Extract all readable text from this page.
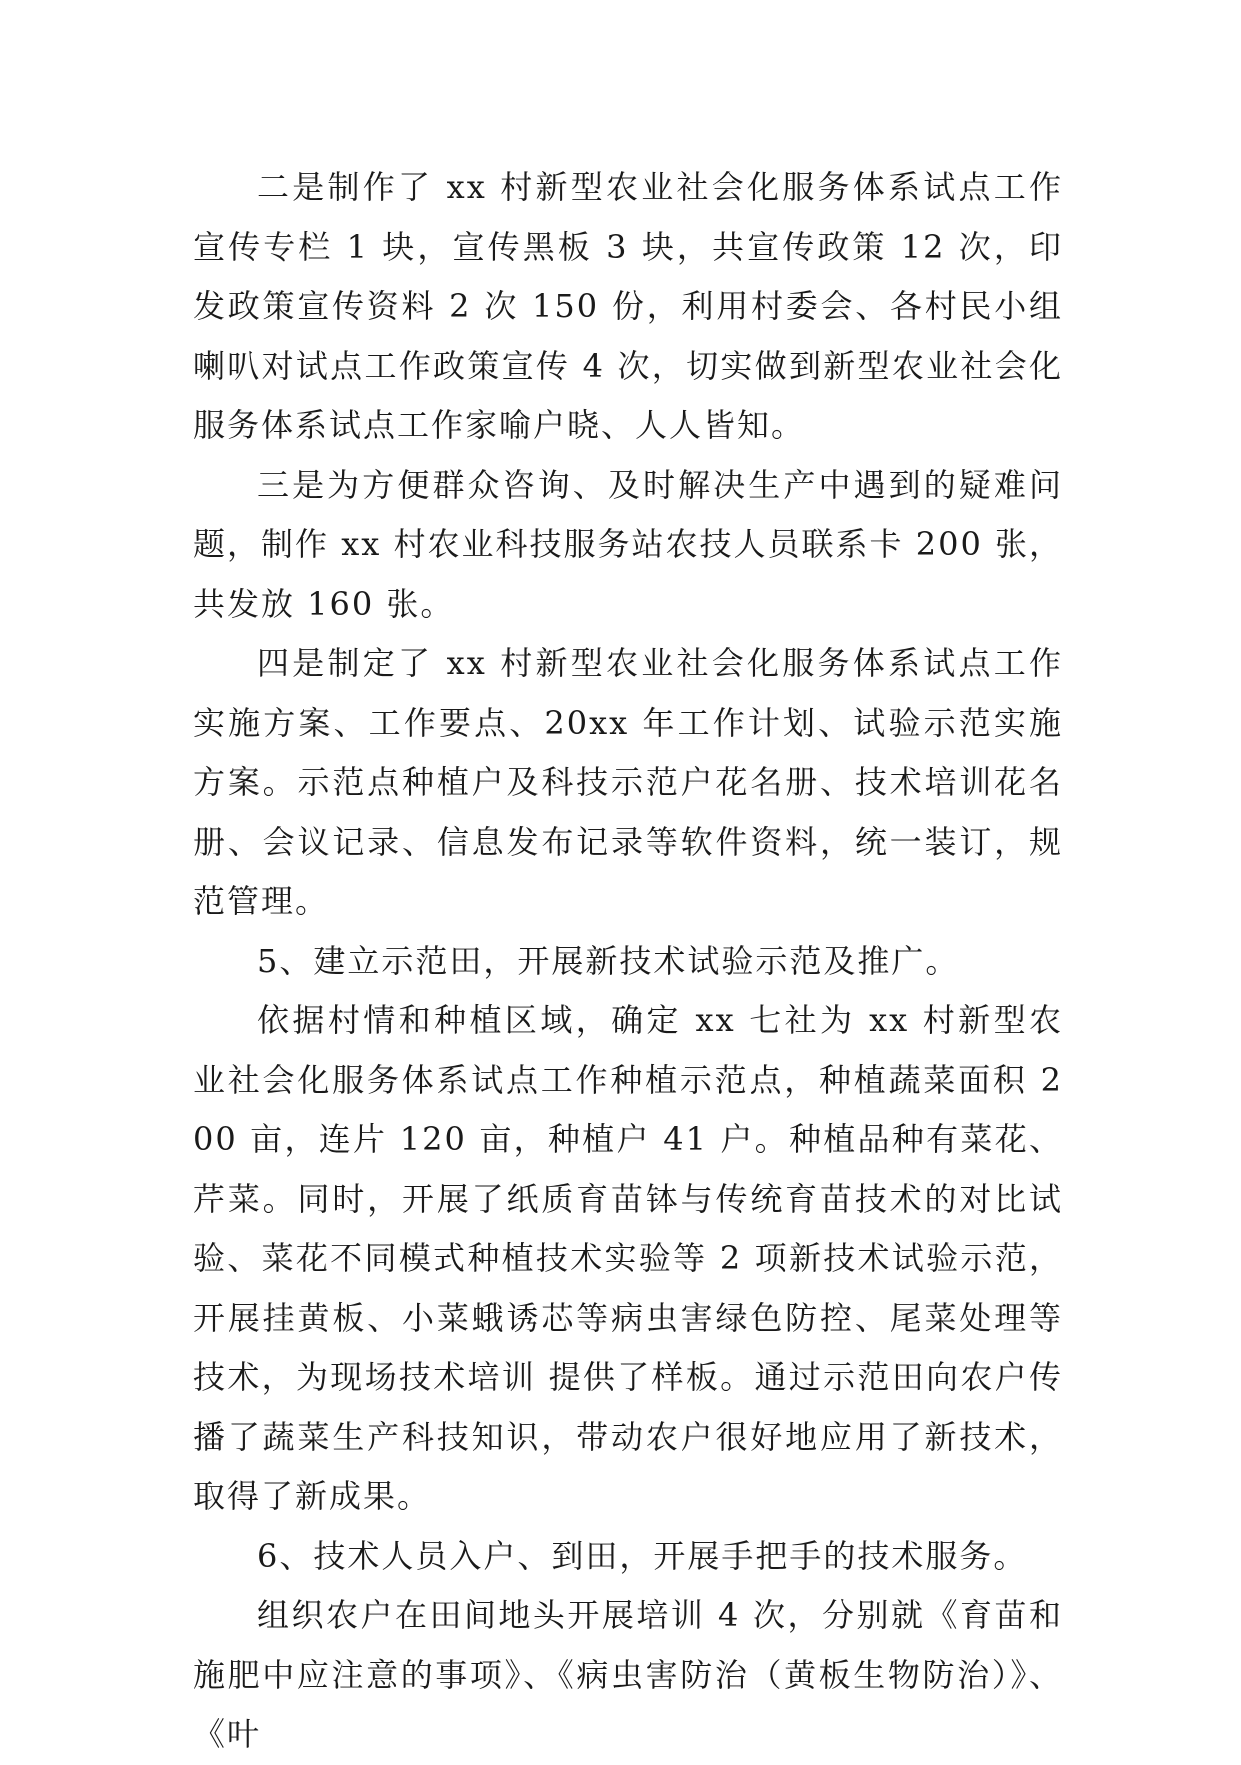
二是制作了 xx 村新型农业社会化服务体系试点工作宣传专栏 1 块，宣传黑板 3 块，共宣传政策 12 次，印发政策宣传资料 2 次 150 份，利用村委会、各村民小组喇叭对试点工作政策宣传 4 次，切实做到新型农业社会化服务体系试点工作家喻户晓、人人皆知。

三是为方便群众咨询、及时解决生产中遇到的疑难问题，制作 xx 村农业科技服务站农技人员联系卡 200 张，共发放 160 张。

四是制定了 xx 村新型农业社会化服务体系试点工作实施方案、工作要点、20xx 年工作计划、试验示范实施方案。示范点种植户及科技示范户花名册、技术培训花名册、会议记录、信息发布记录等软件资料，统一装订，规范管理。

5、建立示范田，开展新技术试验示范及推广。

依据村情和种植区域，确定 xx 七社为 xx 村新型农业社会化服务体系试点工作种植示范点，种植蔬菜面积 200 亩，连片 120 亩，种植户 41 户。种植品种有菜花、芹菜。同时，开展了纸质育苗钵与传统育苗技术的对比试验、菜花不同模式种植技术实验等 2 项新技术试验示范，开展挂黄板、小菜蛾诱芯等病虫害绿色防控、尾菜处理等技术，为现场技术培训 提供了样板。通过示范田向农户传播了蔬菜生产科技知识，带动农户很好地应用了新技术，取得了新成果。

6、技术人员入户、到田，开展手把手的技术服务。

组织农户在田间地头开展培训 4 次，分别就《育苗和施肥中应注意的事项》、《病虫害防治（黄板生物防治）》、《叶
